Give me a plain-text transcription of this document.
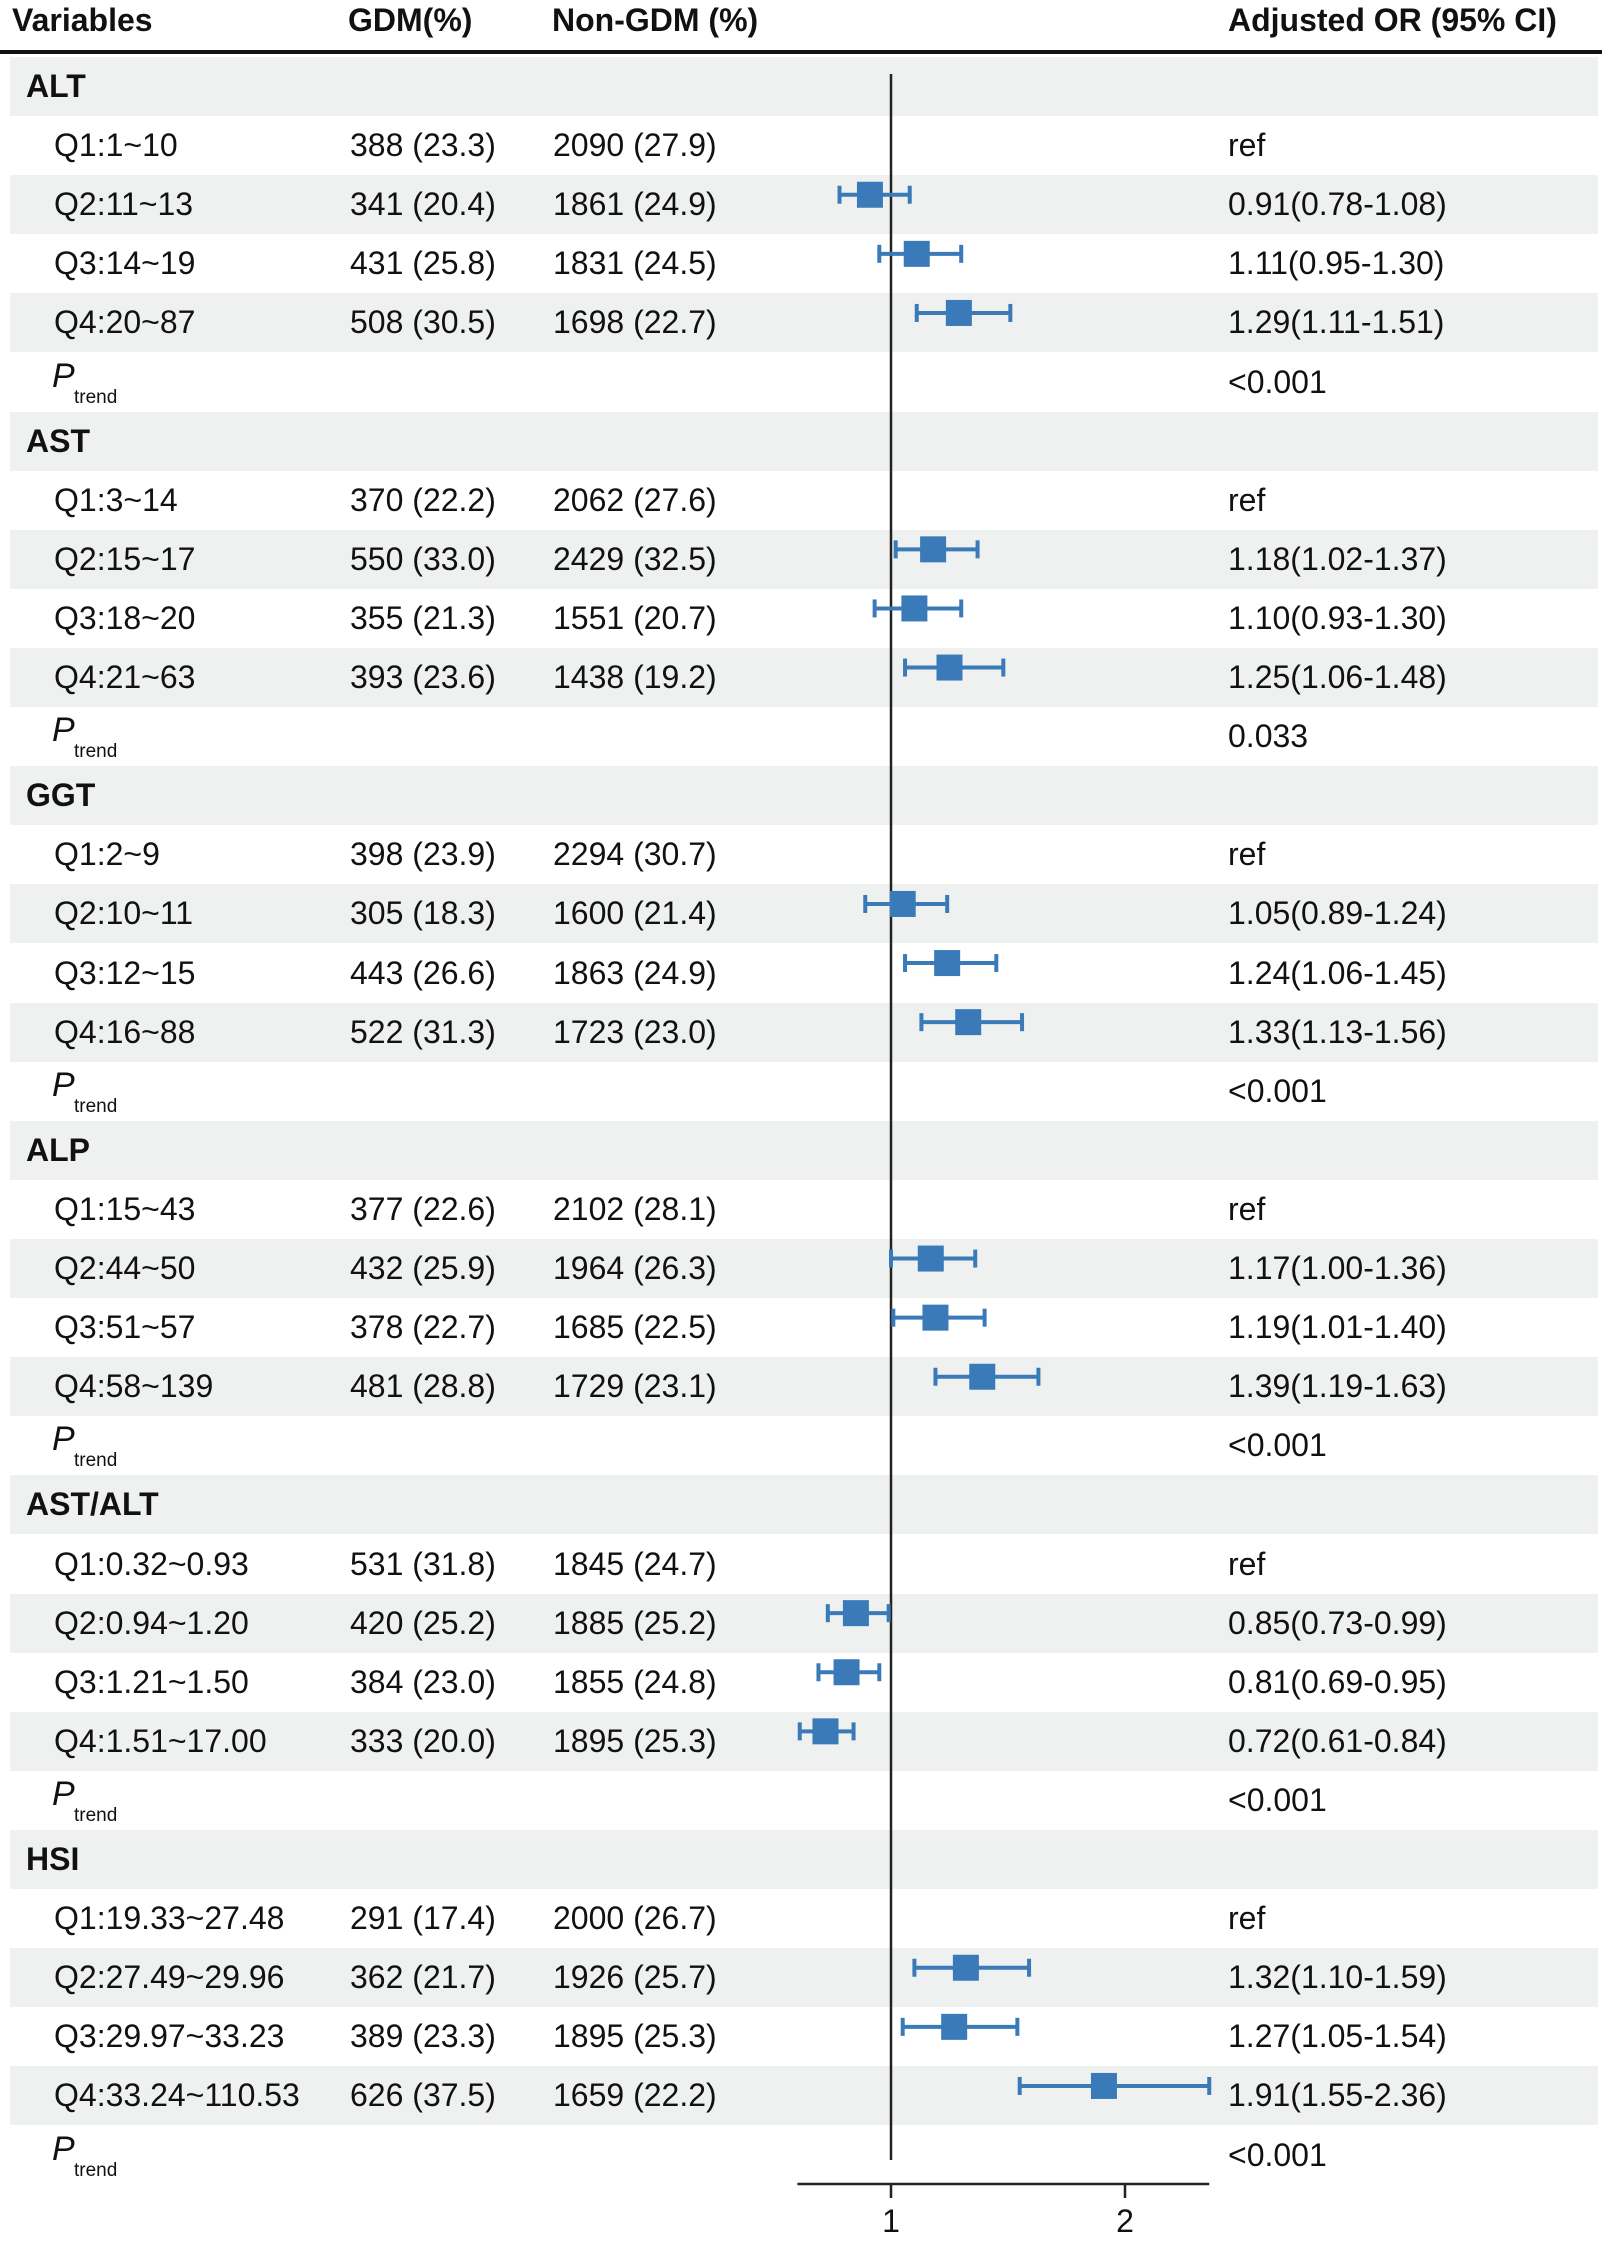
Variables	GDM(%) Non-GDM (%)	Adjusted OR (95% CI)
ALT
Q1:1~10	388 (23.3) 2090 (27.9)	ref
Q2:11~13	341 (20.4) 1861 (24.9)	0.91(0.78-1.08)
Q3:14~19	431 (25.8) 1831 (24.5)	1.11(0.95-1.30)
Q4:20~87	508 (30.5) 1698 (22.7)	1.29(1.11-1.51)
P
trend	<0.001
AST
Q1:3~14	370 (22.2) 2062 (27.6)	ref
Q2:15~17	550 (33.0) 2429 (32.5)	1.18(1.02-1.37)
Q3:18~20	355 (21.3) 1551 (20.7)	1.10(0.93-1.30)
Q4:21~63	393 (23.6) 1438 (19.2)	1.25(1.06-1.48)
P
trend	0.033
GGT
Q1:2~9	398 (23.9) 2294 (30.7)	ref
Q2:10~11	305 (18.3) 1600 (21.4)	1.05(0.89-1.24)
Q3:12~15	443 (26.6) 1863 (24.9)	1.24(1.06-1.45)
Q4:16~88	522 (31.3) 1723 (23.0)	1.33(1.13-1.56)
P
trend	<0.001
ALP
Q1:15~43	377 (22.6) 2102 (28.1)	ref
Q2:44~50	432 (25.9) 1964 (26.3)	1.17(1.00-1.36)
Q3:51~57	378 (22.7) 1685 (22.5)	1.19(1.01-1.40)
Q4:58~139	481 (28.8) 1729 (23.1)	1.39(1.19-1.63)
P
trend	<0.001
AST/ALT
Q1:0.32~0.93	531 (31.8) 1845 (24.7)	ref
Q2:0.94~1.20	420 (25.2) 1885 (25.2)	0.85(0.73-0.99)
Q3:1.21~1.50	384 (23.0) 1855 (24.8)	0.81(0.69-0.95)
Q4:1.51~17.00	333 (20.0) 1895 (25.3)	0.72(0.61-0.84)
P
trend	<0.001
HSI
Q1:19.33~27.48 291 (17.4) 2000 (26.7)	ref
Q2:27.49~29.96 362 (21.7) 1926 (25.7)	1.32(1.10-1.59)
Q3:29.97~33.23 389 (23.3) 1895 (25.3)	1.27(1.05-1.54)
Q4:33.24~110.53 626 (37.5) 1659 (22.2)	1.91(1.55-2.36)
P
trend	<0.001
1	2
